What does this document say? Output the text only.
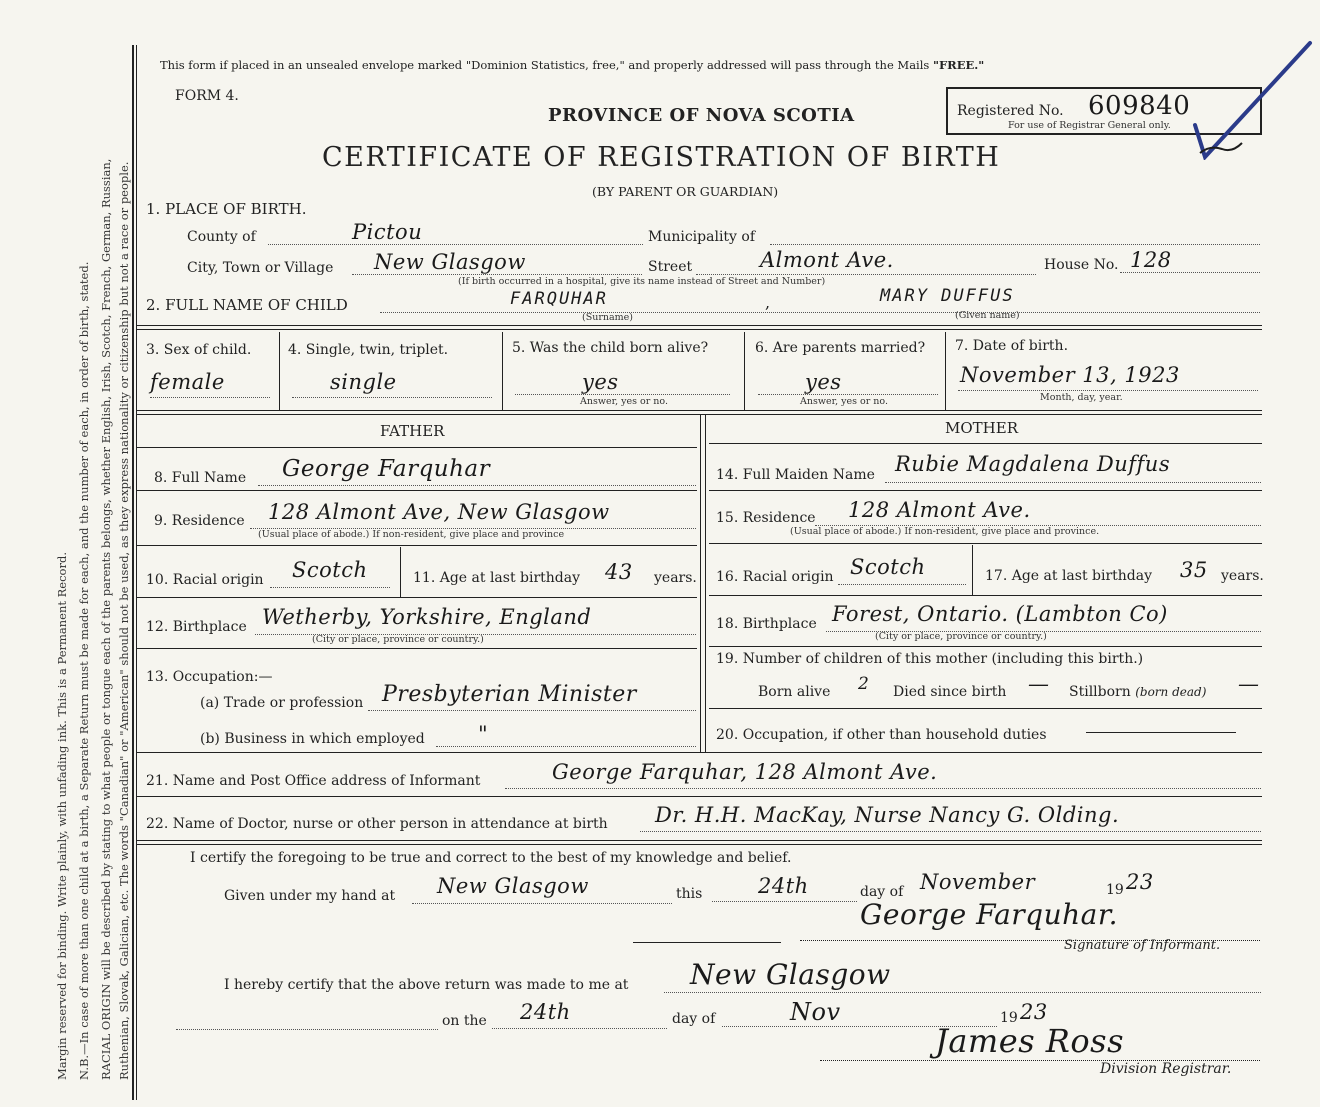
Margin reserved for binding. Write plainly, with unfading ink. This is a Permanent Record. N.B.—In case of more than one child at a birth, a Separate Return must be made for each, and the number of each, in order of birth, stated. RACIAL ORIGIN will be described by stating to what people or tongue each of the parents belongs, whether English, Irish, Scotch, French, German, Russian, Ruthenian, Slovak, Galician, etc. The words "Canadian" or "American" should not be used, as they express nationality or citizenship but not a race or people.
This form if placed in an unsealed envelope marked "Dominion Statistics, free," and properly addressed will pass through the Mails "FREE."
FORM 4.
PROVINCE OF NOVA SCOTIA
CERTIFICATE OF REGISTRATION OF BIRTH
(BY PARENT OR GUARDIAN)
Registered No. 609840
For use of Registrar General only.
1. PLACE OF BIRTH.
County of	Pictou	Municipality of
City, Town or Village New Glasgow	Street	Almont Ave.	House No. 128
(If birth occurred in a hospital, give its name instead of Street and Number)
2. FULL NAME OF CHILD	FARQUHAR	,	MARY DUFFUS
(Surname)	(Given name)
3. Sex of child.
female
4. Single, twin, triplet.
single
5. Was the child born alive?
yes
Answer, yes or no.
6. Are parents married?
yes
Answer, yes or no.
7. Date of birth.
November 13, 1923
Month, day, year.
FATHER	MOTHER
8. Full Name George Farquhar	14. Full Maiden Name Rubie Magdalena Duffus
9. Residence 128 Almont Ave, New Glasgow
(Usual place of abode.) If non-resident, give place and province
15. Residence 128 Almont Ave.
(Usual place of abode.) If non-resident, give place and province.
10. Racial origin Scotch	11. Age at last birthday 43 years. 16. Racial origin Scotch	17. Age at last birthday 35 years.
12. Birthplace Wetherby, Yorkshire, England
(City or place, province or country.)
18. Birthplace Forest, Ontario. (Lambton Co)
(City or place, province or country.)
13. Occupation:—
(a) Trade or profession Presbyterian Minister
(b) Business in which employed	"
19. Number of children of this mother (including this birth.)
Born alive 2 Died since birth — Stillborn (born dead) —
20. Occupation, if other than household duties
21. Name and Post Office address of Informant	George Farquhar, 128 Almont Ave.
22. Name of Doctor, nurse or other person in attendance at birth Dr. H.H. MacKay, Nurse Nancy G. Olding.
I certify the foregoing to be true and correct to the best of my knowledge and belief.
Given under my hand at New Glasgow	this	24th	day of November	19 23
George Farquhar.
Signature of Informant.
I hereby certify that the above return was made to me at New Glasgow
on the 24th	day of	Nov	19 23
James Ross
Division Registrar.
